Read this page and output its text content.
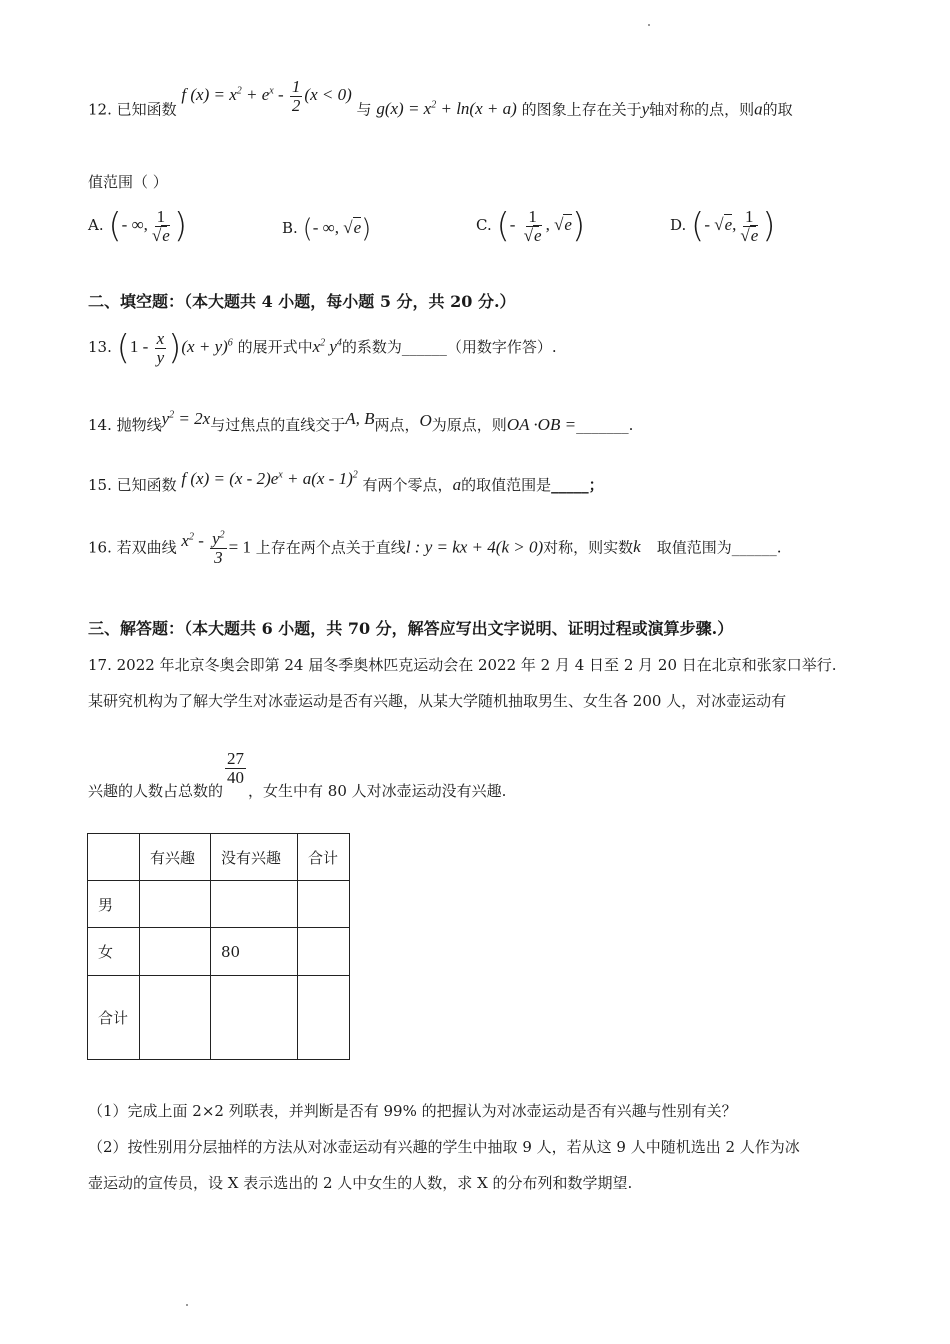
12. 已知函数 f $(x) = x^2 + e^x - \frac{1}{2} (x < 0)$ 与 $g(x) = x^2 + \ln(x + a)$ 的图象上存在关于y轴对称的点，则a的取
值范围（ ）
A. (- ∞, $\frac{1}{√e}$ )	B. (- ∞, √e)	C. (- $\frac{1}{√e}$ , √e)	D. (- √e, $\frac{1}{√e}$ )
二、填空题：（本大题共 4 小题，每小题 5 分，共 20 分.）
13. $(1 - \frac{x}{y} )(x + y)^6$ 的展开式中$x^2$ $y^4$的系数为______（用数字作答）.
14. 抛物线$y^2 = 2x$与过焦点的直线交于A, B两点，O为原点，则OA ·OB =_______.
15. 已知函数 f $(x) = (x - 2)e^x + a(x - 1)^2$ 有两个零点，a的取值范围是_____；
16. 若双曲线 $x^2 - \frac{y^2}{3} = 1$ 上存在两个点关于直线l : y = kx + 4(k > 0)对称，则实数k 取值范围为______.
三、解答题：（本大题共 6 小题，共 70 分，解答应写出文字说明、证明过程或演算步骤.）
17. 2022 年北京冬奥会即第 24 届冬季奥林匹克运动会在 2022 年 2 月 4 日至 2 月 20 日在北京和张家口举行.
某研究机构为了解大学生对冰壶运动是否有兴趣，从某大学随机抽取男生、女生各 200 人，对冰壶运动有
兴趣的人数占总数的
$\frac{27}{40}$
，女生中有 80 人对冰壶运动没有兴趣.
	有兴趣	没有兴趣	合计
男			
女		80	
合计			
（1）完成上面 2×2 列联表，并判断是否有 99% 的把握认为对冰壶运动是否有兴趣与性别有关？
（2）按性别用分层抽样的方法从对冰壶运动有兴趣的学生中抽取 9 人，若从这 9 人中随机选出 2 人作为冰
壶运动的宣传员，设 X 表示选出的 2 人中女生的人数，求 X 的分布列和数学期望.
